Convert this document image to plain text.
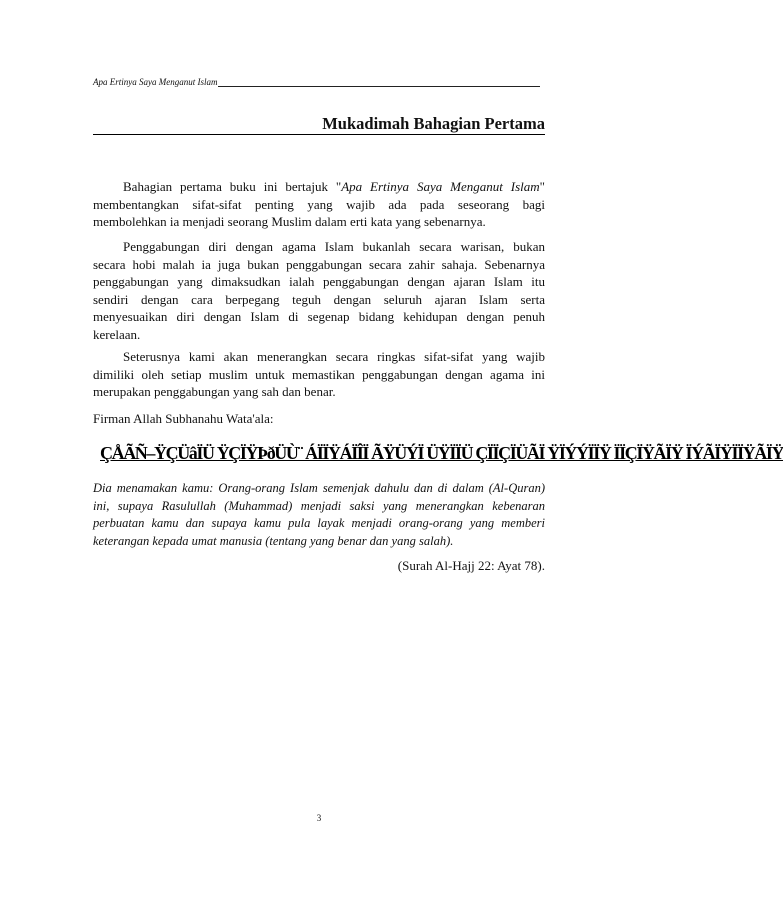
Apa Ertinya Saya Menganut Islam
Mukadimah Bahagian Pertama
Bahagian pertama buku ini bertajuk "Apa Ertinya Saya Menganut Islam"
membentangkan sifat-sifat penting yang wajib ada pada seseorang bagi
membolehkan ia menjadi seorang Muslim dalam erti kata yang sebenarnya.
Penggabungan diri dengan agama Islam bukanlah secara warisan, bukan
secara hobi malah ia juga bukan penggabungan secara zahir sahaja. Sebenarnya
penggabungan yang dimaksudkan ialah penggabungan dengan ajaran Islam itu
sendiri dengan cara berpegang teguh dengan seluruh ajaran Islam serta
menyesuaikan diri dengan Islam di segenap bidang kehidupan dengan penuh
kerelaan.
Seterusnya kami akan menerangkan secara ringkas sifat-sifat yang wajib
dimiliki oleh setiap muslim untuk memastikan penggabungan dengan agama ini
merupakan penggabungan yang sah dan benar.
Firman Allah Subhanahu Wata'ala:
ÇÅÃÑ–ŸÇÜâÏÜ ŸÇÏŸÞðÜÙ¨ ÁÏÏŸÁÏÎÏ ÃŸÜÝÏ ÜŸÏÏÜ ÇÏÏÇÏÜÃÏ ŸÏÝÝÏÏŸ ÏÏÇÏŸÃÏŸ ÏÝÃÏŸÏÏŸÃÏŸ
Dia menamakan kamu: Orang-orang Islam semenjak dahulu dan di dalam (Al-Quran)
ini, supaya Rasulullah (Muhammad) menjadi saksi yang menerangkan kebenaran
perbuatan kamu dan supaya kamu pula layak menjadi orang-orang yang memberi
keterangan kepada umat manusia (tentang yang benar dan yang salah).
(Surah Al-Hajj 22: Ayat 78).
3
